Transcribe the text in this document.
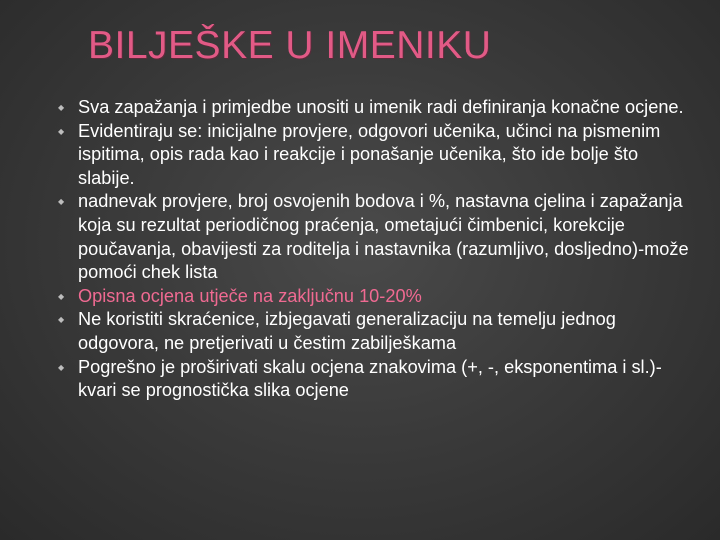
BILJEŠKE U IMENIKU
◆ Sva zapažanja i primjedbe unositi u imenik radi definiranja konačne ocjene.
◆ Evidentiraju se: inicijalne provjere, odgovori učenika, učinci na pismenim ispitima, opis rada kao i reakcije i ponašanje učenika, što ide bolje što slabije.
◆ nadnevak provjere, broj osvojenih bodova i %, nastavna cjelina i zapažanja koja su rezultat periodičnog praćenja, ometajući čimbenici, korekcije poučavanja, obavijesti za roditelja i nastavnika (razumljivo, dosljedno)-može pomoći chek lista
◆ Opisna ocjena utječe na zaključnu 10-20%
◆ Ne koristiti skraćenice, izbjegavati generalizaciju na temelju jednog odgovora, ne pretjerivati u čestim zabilješkama
◆ Pogrešno je proširivati skalu ocjena znakovima (+, -, eksponentima i sl.)-kvari se prognostička slika ocjene
